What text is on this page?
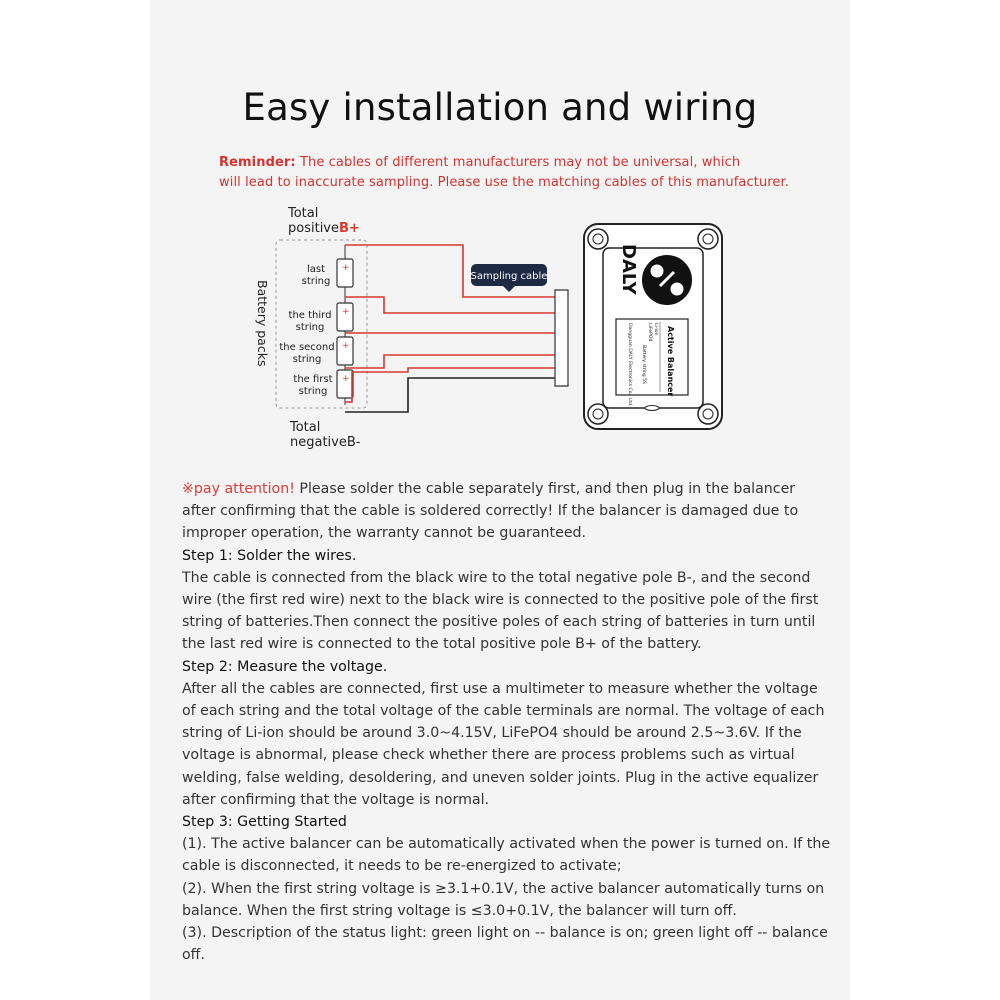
Easy installation and wiring
Reminder: The cables of different manufacturers may not be universal, which
will lead to inaccurate sampling. Please use the matching cables of this manufacturer.
Total
positiveB+
Battery packs
last
string
the third
string
the second
string
the first
string
+
+
+
+
Total
negativeB-
Sampling cable	DALY
Active Balancer
Li-ion
LiFePO4
Battery string 5S
Dongguan DALY Electronics Co., Ltd.

※pay attention! Please solder the cable separately first, and then plug in the balancer after confirming that the cable is soldered correctly! If the balancer is damaged due to improper operation, the warranty cannot be guaranteed.

Step 1: Solder the wires.

The cable is connected from the black wire to the total negative pole B-, and the second wire (the first red wire) next to the black wire is connected to the positive pole of the first string of batteries.Then connect the positive poles of each string of batteries in turn until the last red wire is connected to the total positive pole B+ of the battery.

Step 2: Measure the voltage.

After all the cables are connected, first use a multimeter to measure whether the voltage of each string and the total voltage of the cable terminals are normal. The voltage of each string of Li-ion should be around 3.0~4.15V, LiFePO4 should be around 2.5~3.6V. If the voltage is abnormal, please check whether there are process problems such as virtual welding, false welding, desoldering, and uneven solder joints. Plug in the active equalizer after confirming that the voltage is normal.

Step 3: Getting Started

(1). The active balancer can be automatically activated when the power is turned on. If the cable is disconnected, it needs to be re-energized to activate;

(2). When the first string voltage is ≥3.1+0.1V, the active balancer automatically turns on balance. When the first string voltage is ≤3.0+0.1V, the balancer will turn off.

(3). Description of the status light: green light on -- balance is on; green light off -- balance off.
